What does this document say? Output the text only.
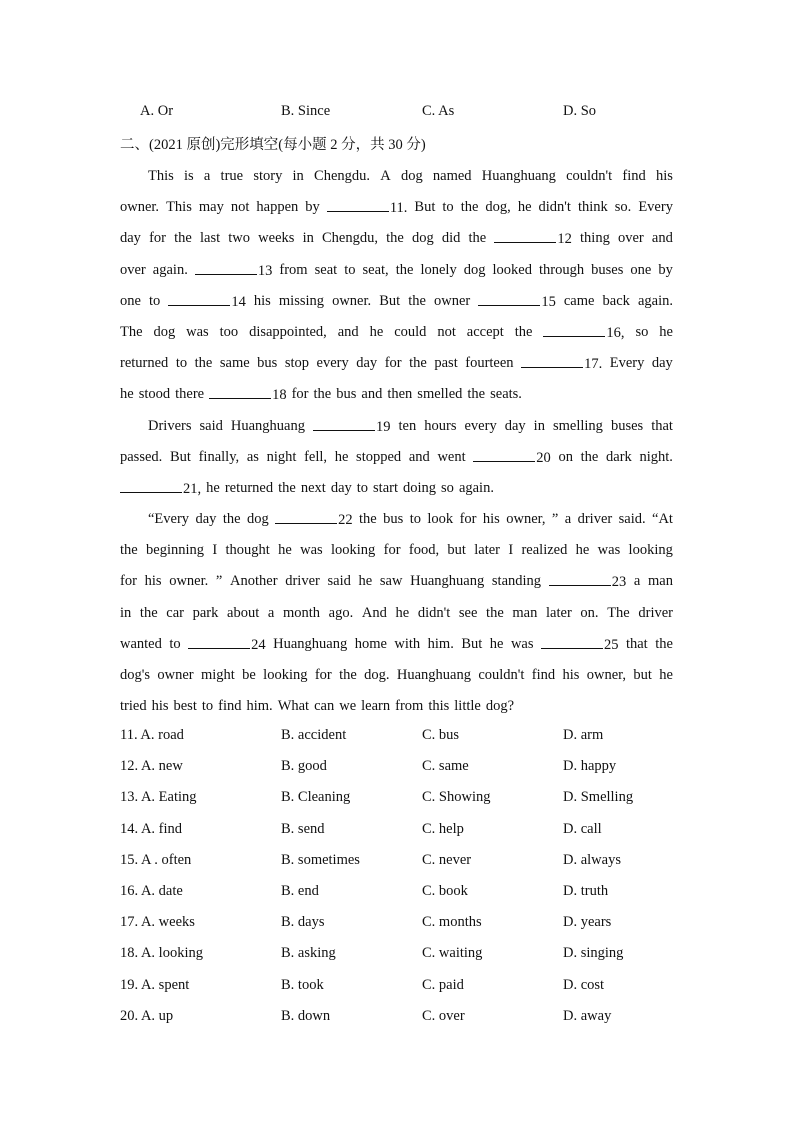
A. Or	B. Since	C. As	D. So
二、(2021 原创)完形填空(每小题 2 分，共 30 分)
This is a true story in Chengdu. A dog named Huanghuang couldn't find his
owner. This may not happen by	11. But to the dog, he didn't think so. Every
day for the last two weeks in Chengdu, the dog did the	12 thing over and
over again.	13 from seat to seat, the lonely dog looked through buses one by
one to	14 his missing owner. But the owner	15 came back again.
The dog was too disappointed, and he could not accept the	16, so he
returned to the same bus stop every day for the past fourteen	17. Every day
he stood there	18 for the bus and then smelled the seats.
Drivers said Huanghuang	19 ten hours every day in smelling buses that
passed. But finally, as night fell, he stopped and went	20 on the dark night.
21, he returned the next day to start doing so again.
“Every day the dog	22 the bus to look for his owner, ” a driver said. “At
the beginning I thought he was looking for food, but later I realized he was looking
for his owner. ” Another driver said he saw Huanghuang standing	23 a man
in the car park about a month ago. And he didn't see the man later on. The driver
wanted to	24 Huanghuang home with him. But he was	25 that the
dog's owner might be looking for the dog. Huanghuang couldn't find his owner, but he
tried his best to find him. What can we learn from this little dog?
11. A. road	B. accident	C. bus	D. arm
12. A. new	B. good	C. same	D. happy
13. A. Eating	B. Cleaning	C. Showing	D. Smelling
14. A. find	B. send	C. help	D. call
15. A . often	B. sometimes	C. never	D. always
16. A. date	B. end	C. book	D. truth
17. A. weeks	B. days	C. months	D. years
18. A. looking	B. asking	C. waiting	D. singing
19. A. spent	B. took	C. paid	D. cost
20. A. up	B. down	C. over	D. away
